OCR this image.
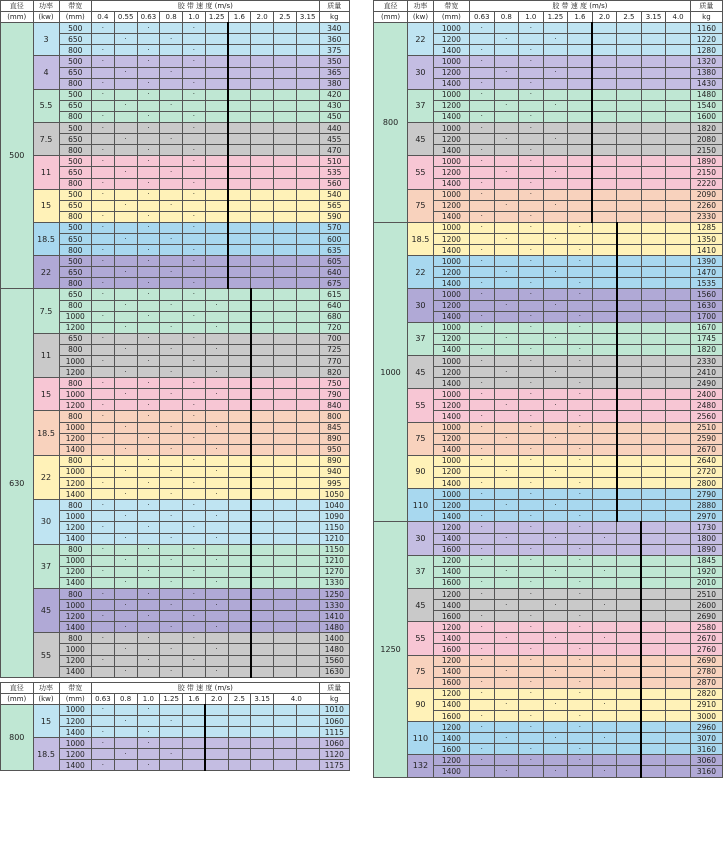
直径	功率	带宽	胶 带 速 度 (m/s)										质量
(mm)	(kw)	(mm)	0.4	0.55	0.63	0.8	1.0	1.25	1.6	2.0	2.5	3.15	kg
500	3	500	·		·		·						340
		650		·		·							360
		800	·		·		·						375
	4	500	·		·		·						350
		650		·		·							365
		800	·		·		·						380
	5.5	500	·		·		·						420
		650		·		·							430
		800	·		·		·						450
	7.5	500	·		·		·						440
		650		·		·							455
		800	·		·		·						470
	11	500	·		·		·						510
		650		·		·							535
		800	·		·		·						560
	15	500	·		·		·						540
		650		·		·							565
		800	·		·		·						590
	18.5	500	·		·		·						570
		650		·		·							600
		800	·		·		·						635
	22	500	·		·		·						605
		650		·		·							640
		800	·		·		·						675
630	7.5	650	·		·		·						615
		800		·		·		·					640
		1000	·		·		·						680
		1200		·		·		·					720
	11	650	·		·		·						700
		800		·		·		·					725
		1000	·		·		·						770
		1200		·		·		·					820
	15	800	·		·		·						750
		1000		·		·		·					790
		1200	·		·		·						840
	18.5	800	·		·		·						800
		1000		·		·		·					845
		1200	·		·		·						890
		1400		·		·		·					950
	22	800	·		·		·						890
		1000		·		·		·					940
		1200	·		·		·						995
		1400		·		·		·					1050
	30	800	·		·		·						1040
		1000		·		·		·					1090
		1200	·		·		·						1150
		1400		·		·		·					1210
	37	800	·		·		·						1150
		1000		·		·		·					1210
		1200	·		·		·						1270
		1400		·		·		·					1330
	45	800	·		·		·						1250
		1000		·		·		·					1330
		1200	·		·		·						1410
		1400		·		·		·					1480
	55	800	·		·		·						1400
		1000		·		·		·					1480
		1200	·		·		·						1560
		1400		·		·		·					1630

直径	功率	带宽	胶 带 速 度 (m/s)										质量
(mm)	(kw)	(mm)	0.63	0.8	1.0	1.25	1.6	2.0	2.5	3.15	4.0		kg
800	15	1000	·		·								1010
		1200		·		·							1060
		1400	·		·								1115
	18.5	1000	·		·								1060
		1200		·		·							1120
		1400	·		·								1175
直径	功率	带宽	胶 带 速 度 (m/s)									质量
(mm)	(kw)	(mm)	0.63	0.8	1.0	1.25	1.6	2.0	2.5	3.15	4.0	kg
800	22	1000	·		·							1160
		1200		·		·						1220
		1400	·		·							1280
	30	1000	·		·							1320
		1200		·		·						1380
		1400	·		·							1430
	37	1000	·		·							1480
		1200		·		·						1540
		1400	·		·							1600
	45	1000	·		·							1820
		1200		·		·						2080
		1400	·		·							2150
	55	1000	·		·							1890
		1200		·		·						2150
		1400	·		·							2220
	75	1000	·		·							2090
		1200		·		·						2260
		1400	·		·							2330
1000	18.5	1000	·		·		·					1285
		1200		·		·						1350
		1400	·		·		·					1410
	22	1000	·		·		·					1390
		1200		·		·						1470
		1400	·		·		·					1535
	30	1000	·		·		·					1560
		1200		·		·						1630
		1400	·		·		·					1700
	37	1000	·		·		·					1670
		1200		·		·						1745
		1400	·		·		·					1820
	45	1000	·		·		·					2330
		1200		·		·						2410
		1400	·		·		·					2490
	55	1000	·		·		·					2400
		1200		·		·						2480
		1400	·		·		·					2560
	75	1000	·		·		·					2510
		1200		·		·						2590
		1400	·		·		·					2670
	90	1000	·		·		·					2640
		1200		·		·						2720
		1400	·		·		·					2800
	110	1000	·		·		·					2790
		1200		·		·						2880
		1400	·		·		·					2970
1250	30	1200	·		·		·					1730
		1400		·		·		·				1800
		1600	·		·		·					1890
	37	1200	·		·		·					1845
		1400		·		·		·				1920
		1600	·		·		·					2010
	45	1200	·		·		·					2510
		1400		·		·		·				2600
		1600	·		·		·					2690
	55	1200	·		·		·					2580
		1400		·		·		·				2670
		1600	·		·		·					2760
	75	1200	·		·		·					2690
		1400		·		·		·				2780
		1600	·		·		·					2870
	90	1200	·		·		·					2820
		1400		·		·		·				2910
		1600	·		·		·					3000
	110	1200	·		·		·					2960
		1400		·		·		·				3070
		1600	·		·		·					3160
	132	1200	·		·		·					3060
		1400		·		·		·				3160
